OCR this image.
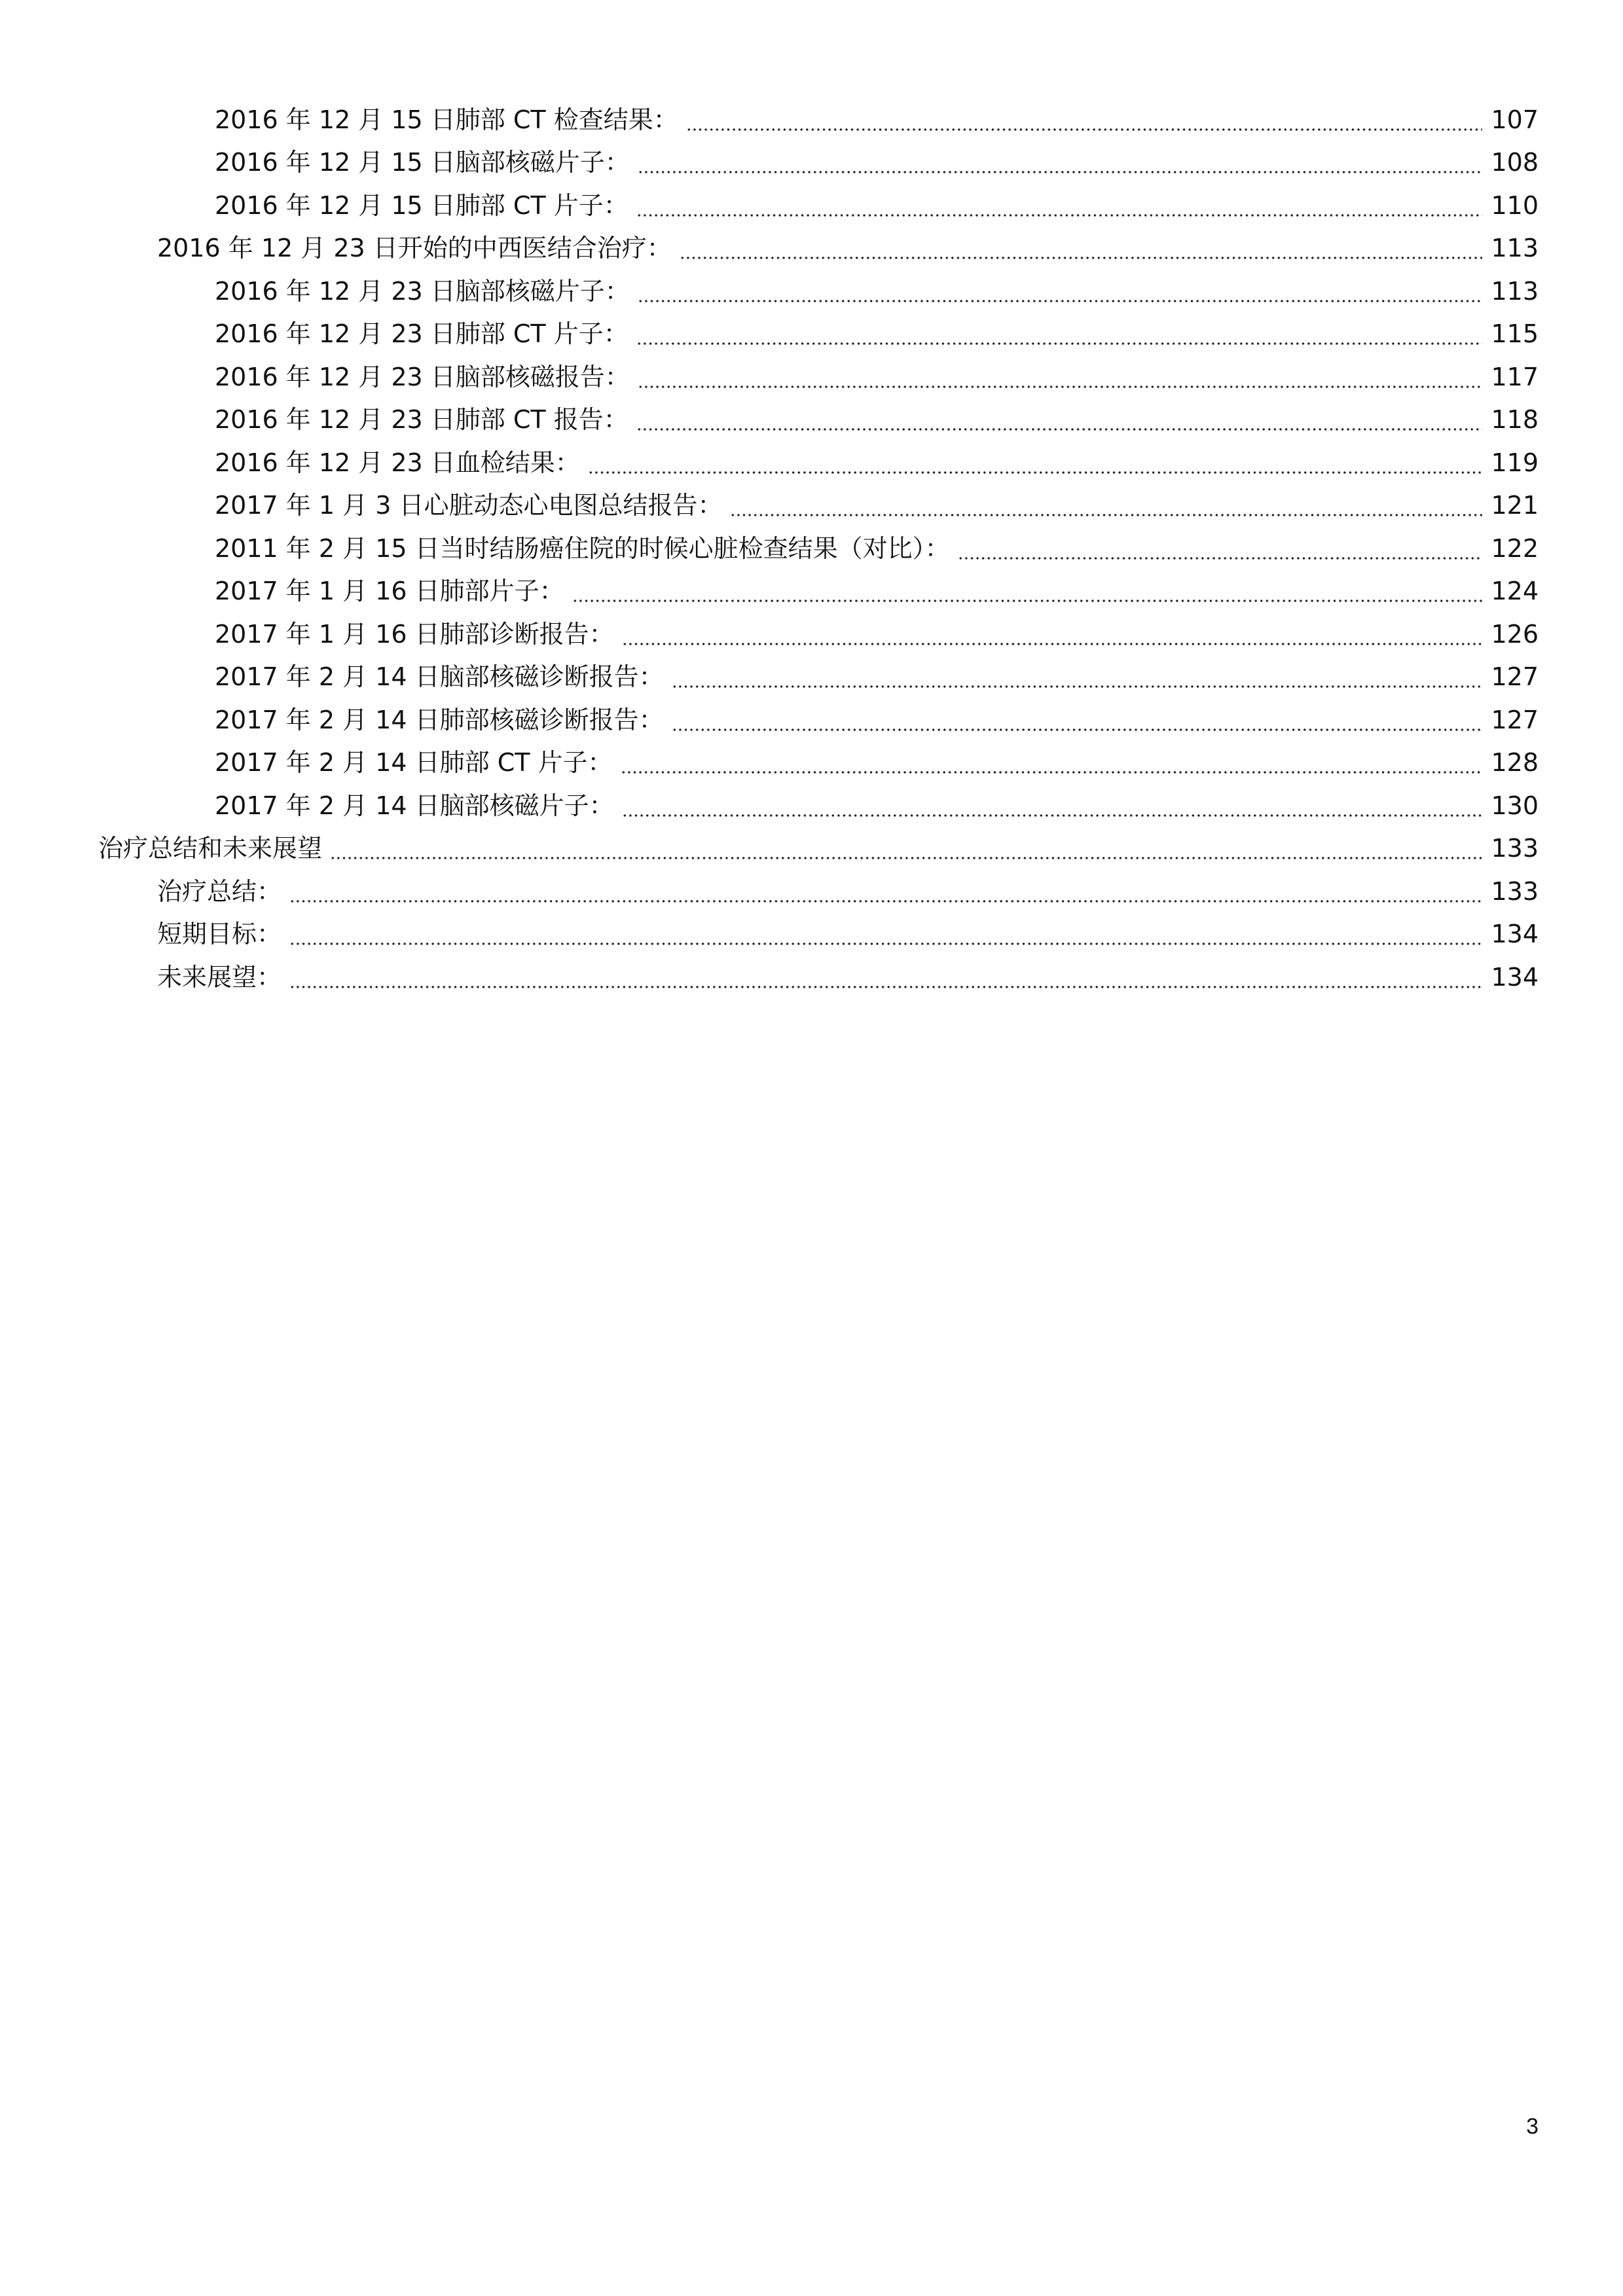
2016 年 12 月 15 日肺部 CT 检查结果：	107
2016 年 12 月 15 日脑部核磁片子：	108
2016 年 12 月 15 日肺部 CT 片子：	110
2016 年 12 月 23 日开始的中西医结合治疗：	113
2016 年 12 月 23 日脑部核磁片子：	113
2016 年 12 月 23 日肺部 CT 片子：	115
2016 年 12 月 23 日脑部核磁报告：	117
2016 年 12 月 23 日肺部 CT 报告：	118
2016 年 12 月 23 日血检结果：	119
2017 年 1 月 3 日心脏动态心电图总结报告：	121
2011 年 2 月 15 日当时结肠癌住院的时候心脏检查结果（对比）：	122
2017 年 1 月 16 日肺部片子：	124
2017 年 1 月 16 日肺部诊断报告：	126
2017 年 2 月 14 日脑部核磁诊断报告：	127
2017 年 2 月 14 日肺部核磁诊断报告：	127
2017 年 2 月 14 日肺部 CT 片子：	128
2017 年 2 月 14 日脑部核磁片子：	130
治疗总结和未来展望	133
治疗总结：	133
短期目标：	134
未来展望：	134
3
